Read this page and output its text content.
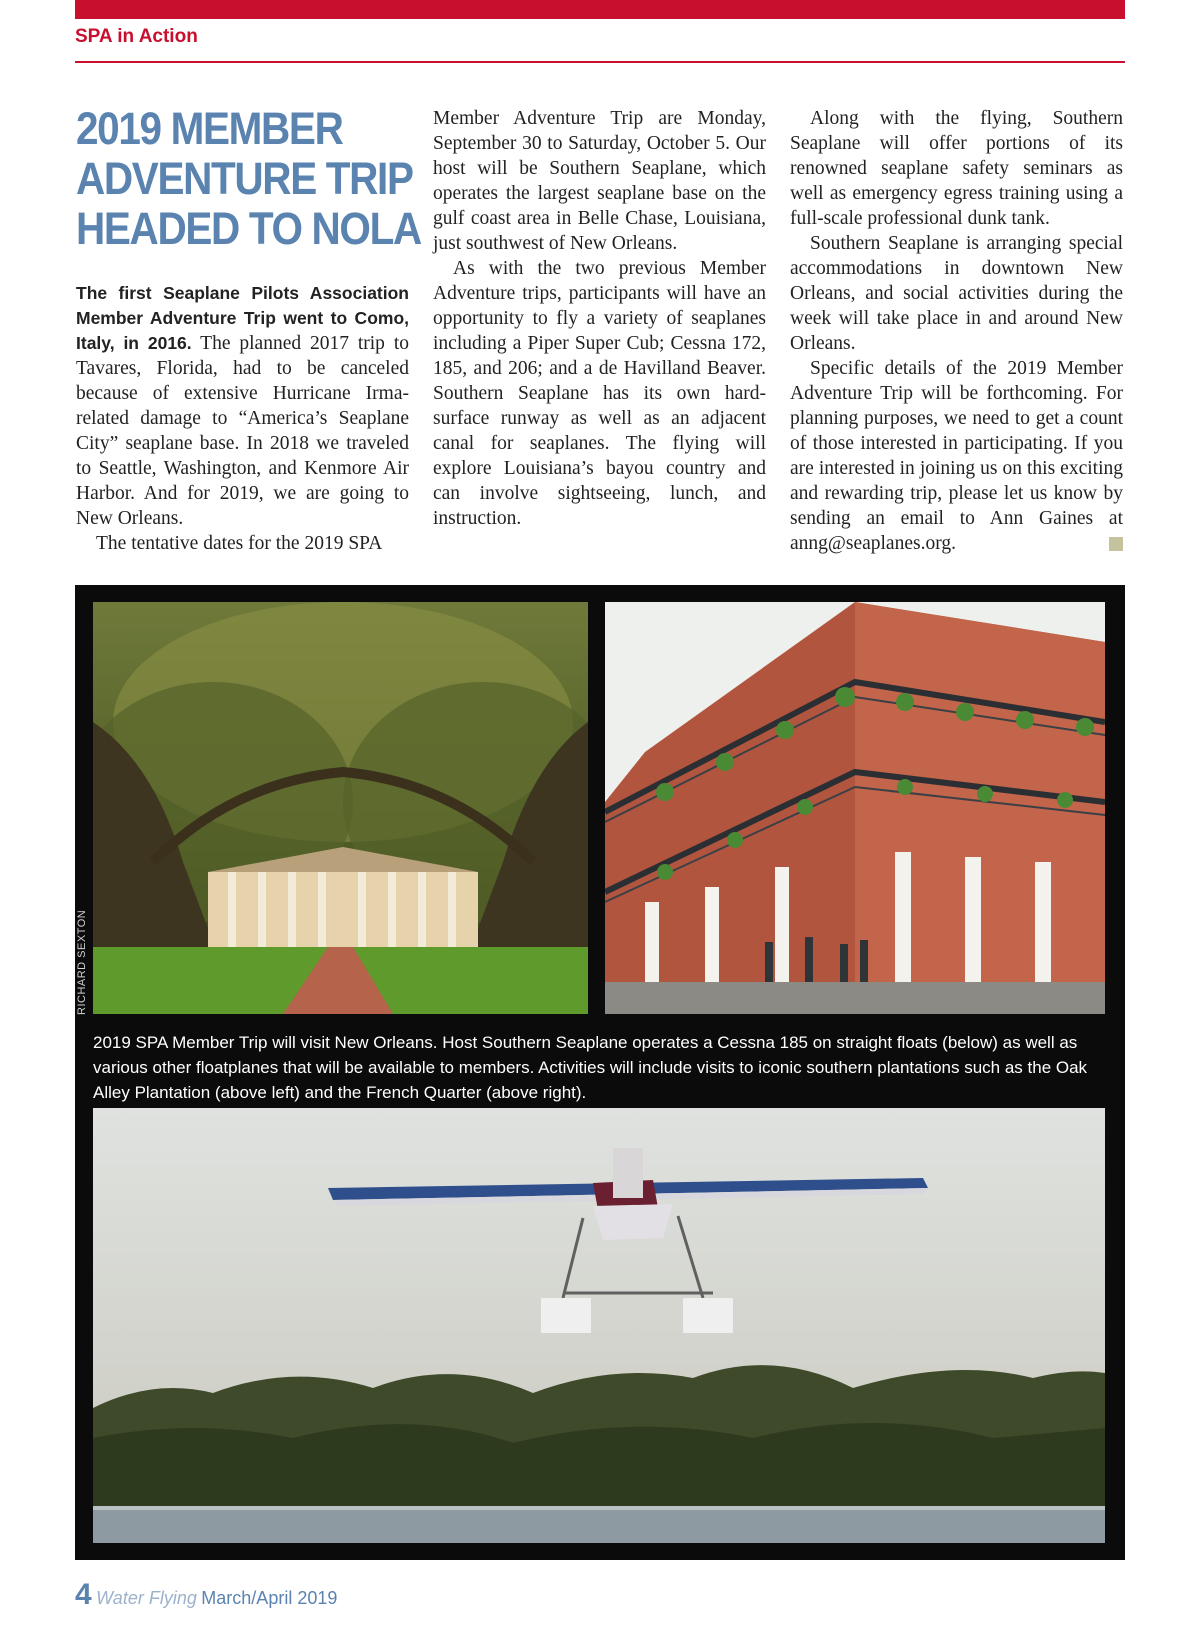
SPA in Action
2019 MEMBER
ADVENTURE TRIP
HEADED TO NOLA

The first Seaplane Pilots Association Member Adventure Trip went to Como, Italy, in 2016. The planned 2017 trip to Tavares, Florida, had to be canceled because of extensive Hurricane Irma-related damage to “America’s Seaplane City” seaplane base. In 2018 we traveled to Seattle, Washington, and Kenmore Air Harbor. And for 2019, we are going to New Orleans.

The tentative dates for the 2019 SPA

Member Adventure Trip are Monday, September 30 to Saturday, October 5. Our host will be Southern Seaplane, which operates the largest seaplane base on the gulf coast area in Belle Chase, Louisiana, just southwest of New Orleans.

As with the two previous Member Adventure trips, participants will have an opportunity to fly a variety of seaplanes including a Piper Super Cub; Cessna 172, 185, and 206; and a de Havilland Beaver. Southern Seaplane has its own hard-surface runway as well as an adjacent canal for seaplanes. The flying will explore Louisiana’s bayou country and can involve sightseeing, lunch, and instruction.

Along with the flying, Southern Seaplane will offer portions of its renowned seaplane safety seminars as well as emergency egress training using a full-scale professional dunk tank.

Southern Seaplane is arranging special accommodations in downtown New Orleans, and social activities during the week will take place in and around New Orleans.

Specific details of the 2019 Member Adventure Trip will be forthcoming. For planning purposes, we need to get a count of those interested in participating. If you are interested in joining us on this exciting and rewarding trip, please let us know by sending an email to Ann Gaines at anng@seaplanes.org.

RICHARD SEXTON
2019 SPA Member Trip will visit New Orleans. Host Southern Seaplane operates a Cessna 185 on straight floats (below) as well as various other floatplanes that will be available to members. Activities will include visits to iconic southern plantations such as the Oak Alley Plantation (above left) and the French Quarter (above right).
4 Water Flying March/April 2019
